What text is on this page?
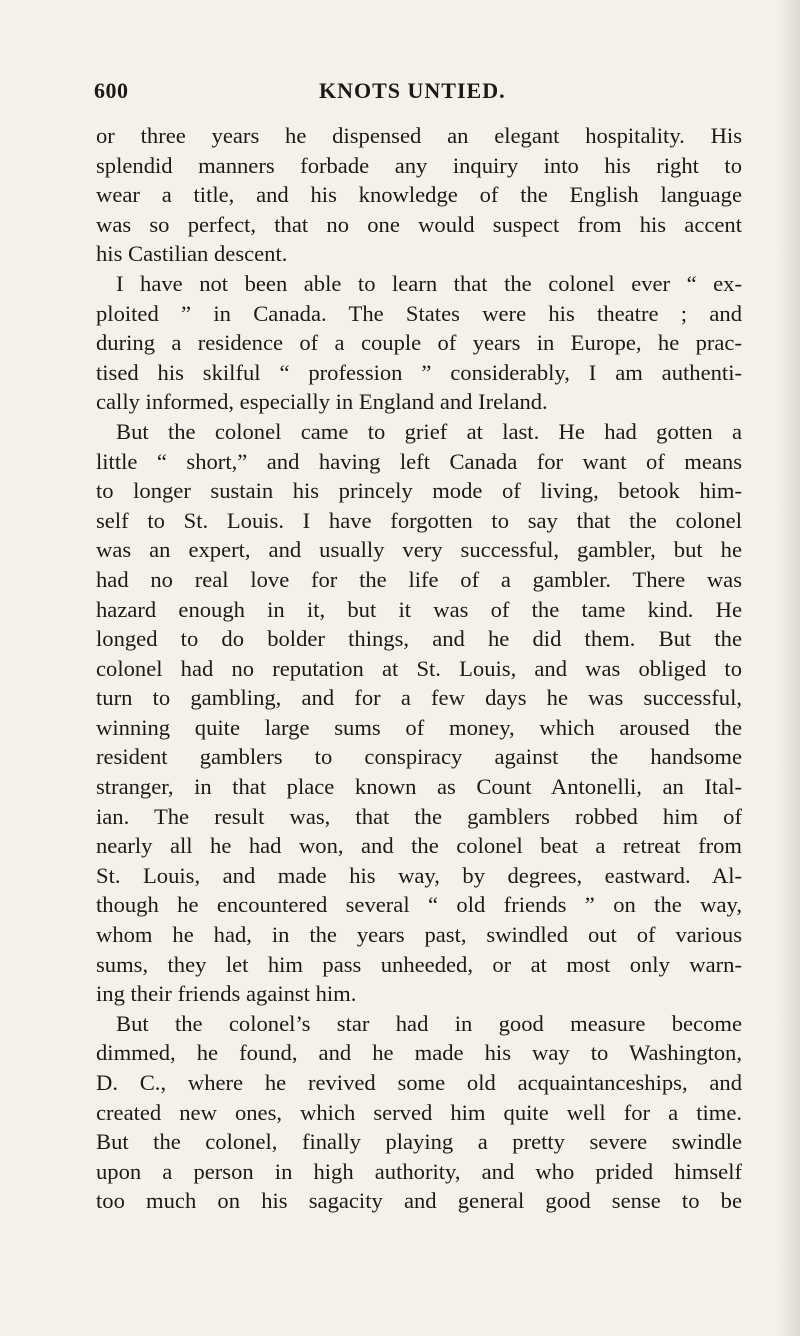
600	KNOTS UNTIED.
or three years he dispensed an elegant hospitality. His
splendid manners forbade any inquiry into his right to
wear a title, and his knowledge of the English language
was so perfect, that no one would suspect from his accent
his Castilian descent.
I have not been able to learn that the colonel ever “ ex-
ploited ” in Canada. The States were his theatre ; and
during a residence of a couple of years in Europe, he prac-
tised his skilful “ profession ” considerably, I am authenti-
cally informed, especially in England and Ireland.
But the colonel came to grief at last. He had gotten a
little “ short,” and having left Canada for want of means
to longer sustain his princely mode of living, betook him-
self to St. Louis. I have forgotten to say that the colonel
was an expert, and usually very successful, gambler, but he
had no real love for the life of a gambler. There was
hazard enough in it, but it was of the tame kind. He
longed to do bolder things, and he did them. But the
colonel had no reputation at St. Louis, and was obliged to
turn to gambling, and for a few days he was successful,
winning quite large sums of money, which aroused the
resident gamblers to conspiracy against the handsome
stranger, in that place known as Count Antonelli, an Ital-
ian. The result was, that the gamblers robbed him of
nearly all he had won, and the colonel beat a retreat from
St. Louis, and made his way, by degrees, eastward. Al-
though he encountered several “ old friends ” on the way,
whom he had, in the years past, swindled out of various
sums, they let him pass unheeded, or at most only warn-
ing their friends against him.
But the colonel’s star had in good measure become
dimmed, he found, and he made his way to Washington,
D. C., where he revived some old acquaintanceships, and
created new ones, which served him quite well for a time.
But the colonel, finally playing a pretty severe swindle
upon a person in high authority, and who prided himself
too much on his sagacity and general good sense to be
